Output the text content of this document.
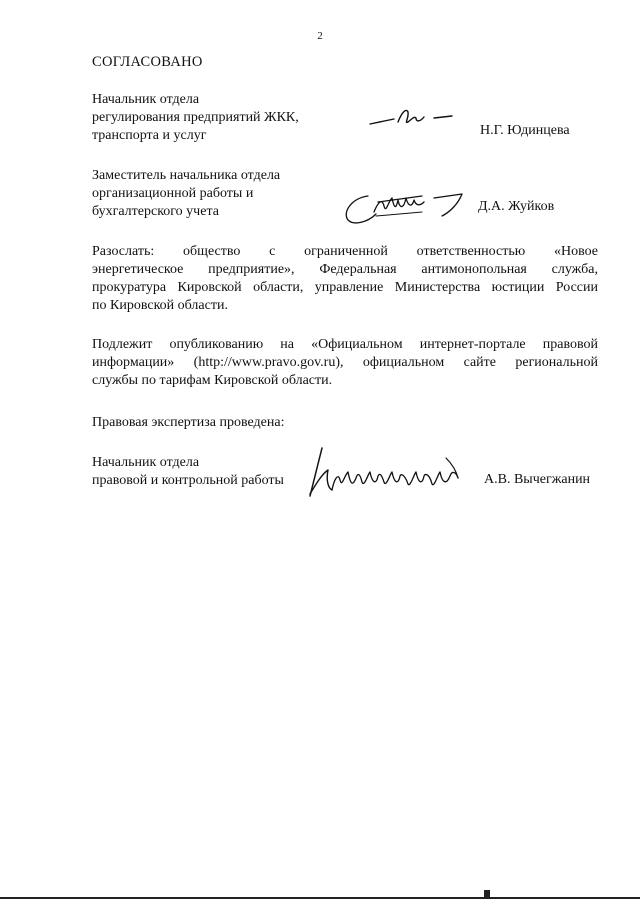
2
СОГЛАСОВАНО
Начальник отдела
регулирования предприятий ЖКК,
транспорта и услуг	Н.Г. Юдинцева
Заместитель начальника отдела
организационной работы и
бухгалтерского учета	Д.А. Жуйков
Разослать: общество с ограниченной ответственностью «Новое
энергетическое предприятие», Федеральная антимонопольная служба,
прокуратура Кировской области, управление Министерства юстиции России
по Кировской области.
Подлежит опубликованию на «Официальном интернет-портале правовой
информации» (http://www.pravo.gov.ru), официальном сайте региональной
службы по тарифам Кировской области.
Правовая экспертиза проведена:
Начальник отдела
правовой и контрольной работы	А.В. Вычегжанин
